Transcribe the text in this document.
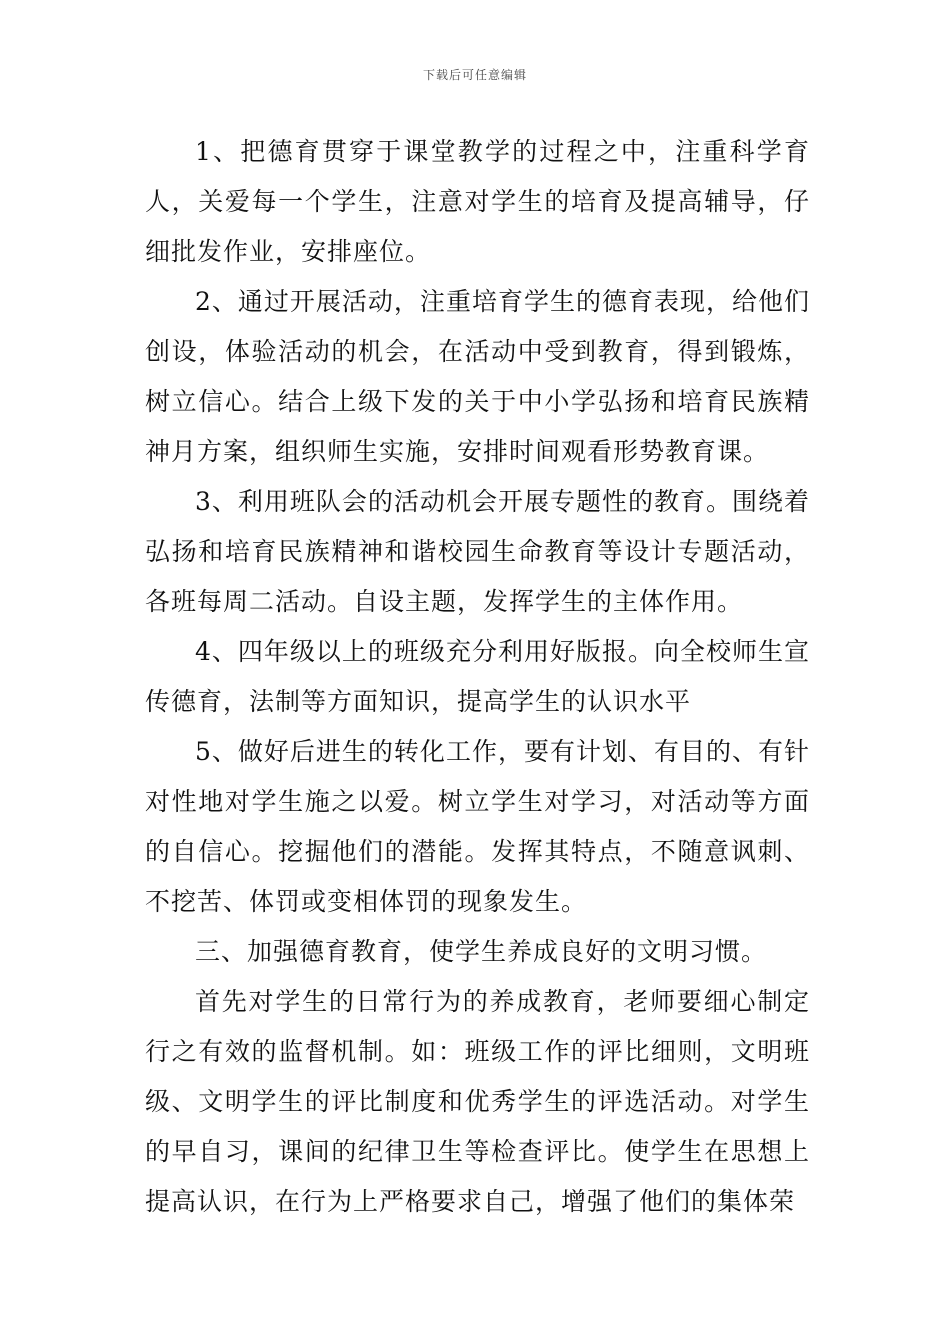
下载后可任意编辑

1、把德育贯穿于课堂教学的过程之中，注重科学育人，关爱每一个学生，注意对学生的培育及提高辅导，仔细批发作业，安排座位。

2、通过开展活动，注重培育学生的德育表现，给他们创设，体验活动的机会，在活动中受到教育，得到锻炼，树立信心。结合上级下发的关于中小学弘扬和培育民族精神月方案，组织师生实施，安排时间观看形势教育课。

3、利用班队会的活动机会开展专题性的教育。围绕着弘扬和培育民族精神和谐校园生命教育等设计专题活动，各班每周二活动。自设主题，发挥学生的主体作用。

4、四年级以上的班级充分利用好版报。向全校师生宣传德育，法制等方面知识，提高学生的认识水平

5、做好后进生的转化工作，要有计划、有目的、有针对性地对学生施之以爱。树立学生对学习，对活动等方面的自信心。挖掘他们的潜能。发挥其特点，不随意讽刺、不挖苦、体罚或变相体罚的现象发生。

三、加强德育教育，使学生养成良好的文明习惯。

首先对学生的日常行为的养成教育，老师要细心制定行之有效的监督机制。如：班级工作的评比细则，文明班级、文明学生的评比制度和优秀学生的评选活动。对学生的早自习，课间的纪律卫生等检查评比。使学生在思想上提高认识，在行为上严格要求自己，增强了他们的集体荣
